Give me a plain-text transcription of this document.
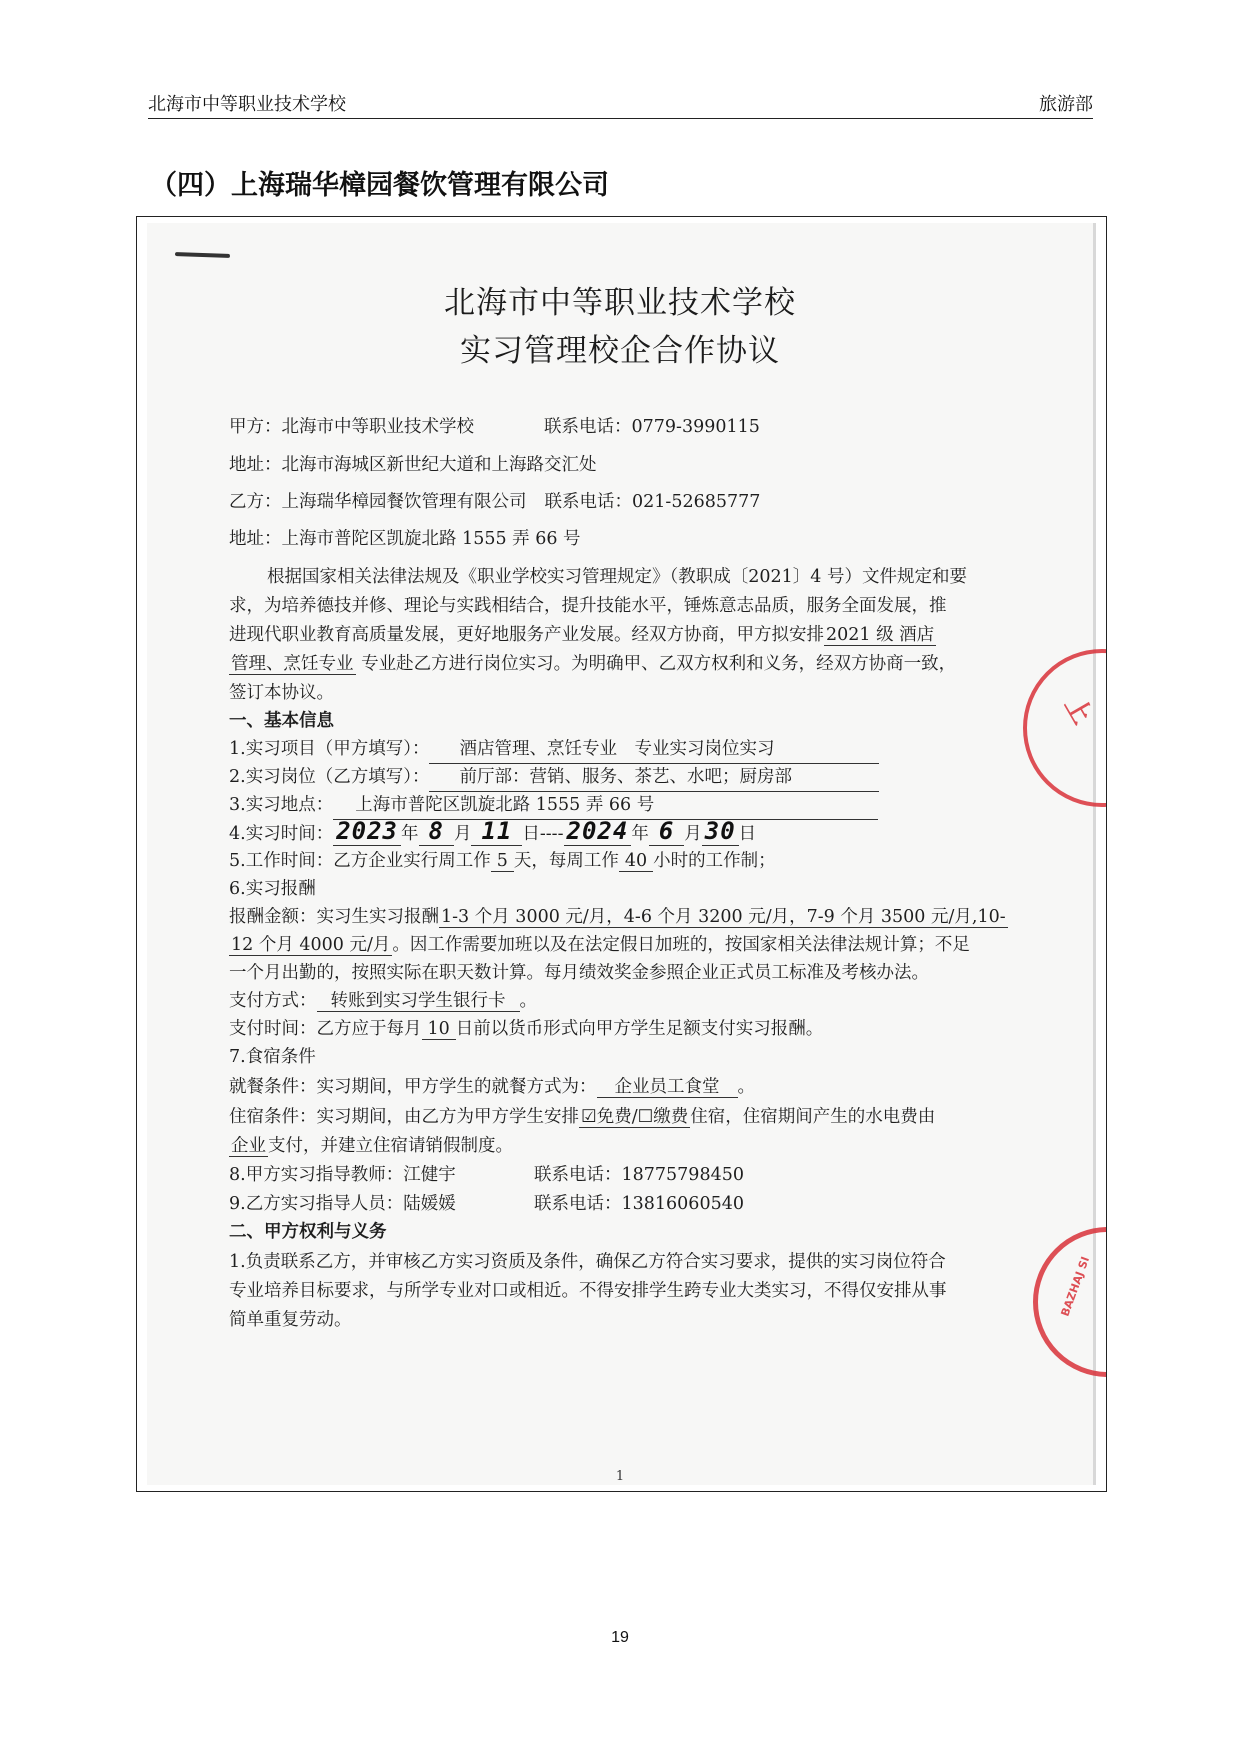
北海市中等职业技术学校	旅游部
（四）上海瑞华樟园餐饮管理有限公司
北海市中等职业技术学校
实习管理校企合作协议
甲方：北海市中等职业技术学校	联系电话：0779-3990115
地址：北海市海城区新世纪大道和上海路交汇处
乙方：上海瑞华樟园餐饮管理有限公司 联系电话：021-52685777
地址：上海市普陀区凯旋北路 1555 弄 66 号
根据国家相关法律法规及《职业学校实习管理规定》（教职成〔2021〕4 号）文件规定和要
求，为培养德技并修、理论与实践相结合，提升技能水平，锤炼意志品质，服务全面发展，推
进现代职业教育高质量发展，更好地服务产业发展。经双方协商，甲方拟安排 2021 级 酒店
管理、烹饪专业 专业赴乙方进行岗位实习。为明确甲、乙双方权利和义务，经双方协商一致，
签订本协议。
一、基本信息
1.实习项目（甲方填写）： 酒店管理、烹饪专业　专业实习岗位实习
2.实习岗位（乙方填写）： 前厅部：营销、服务、茶艺、水吧；厨房部
3.实习地点： 上海市普陀区凯旋北路 1555 弄 66 号
4.实习时间： 2023 年 8 月 11 日---- 2024 年 6 月 30 日
5.工作时间：乙方企业实行周工作 5 天，每周工作 40 小时的工作制；
6.实习报酬
报酬金额：实习生实习报酬 1-3 个月 3000 元/月，4-6 个月 3200 元/月，7-9 个月 3500 元/月,10-
12 个月 4000 元/月 。因工作需要加班以及在法定假日加班的，按国家相关法律法规计算；不足
一个月出勤的，按照实际在职天数计算。每月绩效奖金参照企业正式员工标准及考核办法。
支付方式： 转账到实习学生银行卡 。
支付时间：乙方应于每月 10 日前以货币形式向甲方学生足额支付实习报酬。
7.食宿条件
就餐条件：实习期间，甲方学生的就餐方式为： 企业员工食堂 。
住宿条件：实习期间，由乙方为甲方学生安排 ☑免费/☐缴费 住宿，住宿期间产生的水电费由
企业 支付，并建立住宿请销假制度。
8.甲方实习指导教师：江健宇	联系电话：18775798450
9.乙方实习指导人员：陆媛媛	联系电话：13816060540
二、甲方权利与义务
1.负责联系乙方，并审核乙方实习资质及条件，确保乙方符合实习要求，提供的实习岗位符合
专业培养目标要求，与所学专业对口或相近。不得安排学生跨专业大类实习，不得仅安排从事
简单重复劳动。
1
上
BAZHAJ SI
19
